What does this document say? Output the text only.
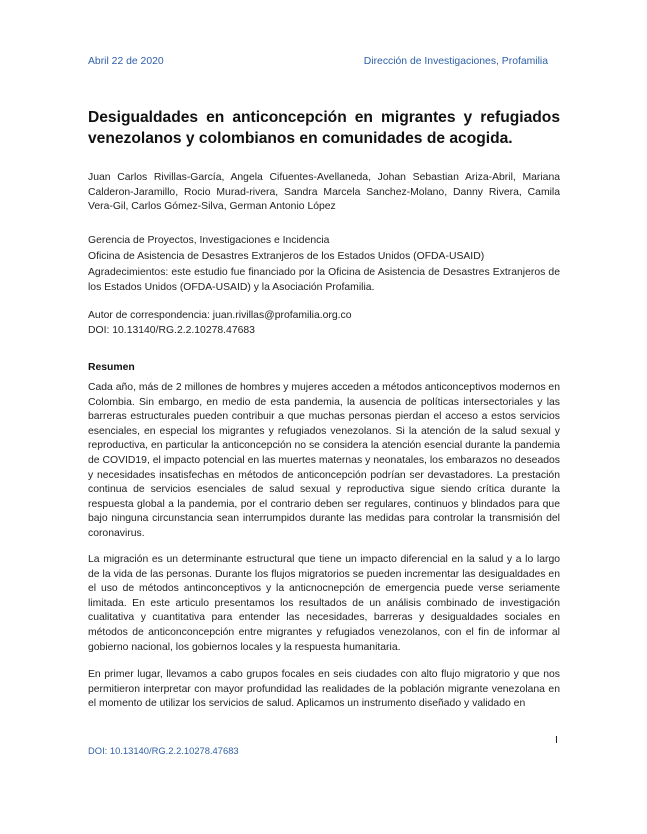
Abril 22 de 2020	Dirección de Investigaciones, Profamilia
Desigualdades en anticoncepción en migrantes y refugiados venezolanos y colombianos en comunidades de acogida.
Juan Carlos Rivillas-García, Angela Cifuentes-Avellaneda, Johan Sebastian Ariza-Abril, Mariana Calderon-Jaramillo, Rocio Murad-rivera, Sandra Marcela Sanchez-Molano, Danny Rivera, Camila Vera-Gil, Carlos Gómez-Silva, German Antonio López

Gerencia de Proyectos, Investigaciones e Incidencia

Oficina de Asistencia de Desastres Extranjeros de los Estados Unidos (OFDA-USAID)

Agradecimientos: este estudio fue financiado por la Oficina de Asistencia de Desastres Extranjeros de los Estados Unidos (OFDA-USAID) y la Asociación Profamilia.

Autor de correspondencia: juan.rivillas@profamilia.org.co

DOI: 10.13140/RG.2.2.10278.47683

Resumen
Cada año, más de 2 millones de hombres y mujeres acceden a métodos anticonceptivos modernos en Colombia. Sin embargo, en medio de esta pandemia, la ausencia de políticas intersectoriales y las barreras estructurales pueden contribuir a que muchas personas pierdan el acceso a estos servicios esenciales, en especial los migrantes y refugiados venezolanos. Si la atención de la salud sexual y reproductiva, en particular la anticoncepción no se considera la atención esencial durante la pandemia de COVID19, el impacto potencial en las muertes maternas y neonatales, los embarazos no deseados y necesidades insatisfechas en métodos de anticoncepción podrían ser devastadores. La prestación continua de servicios esenciales de salud sexual y reproductiva sigue siendo crítica durante la respuesta global a la pandemia, por el contrario deben ser regulares, continuos y blindados para que bajo ninguna circunstancia sean interrumpidos durante las medidas para controlar la transmisión del coronavirus.
La migración es un determinante estructural que tiene un impacto diferencial en la salud y a lo largo de la vida de las personas. Durante los flujos migratorios se pueden incrementar las desigualdades en el uso de métodos antinconceptivos y la anticnocnepción de emergencia puede verse seriamente limitada. En este articulo presentamos los resultados de un análisis combinado de investigación cualitativa y cuantitativa para entender las necesidades, barreras y desigualdades sociales en métodos de anticonconcepción entre migrantes y refugiados venezolanos, con el fin de informar al gobierno nacional, los gobiernos locales y la respuesta humanitaria.
En primer lugar, llevamos a cabo grupos focales en seis ciudades con alto flujo migratorio y que nos permitieron interpretar con mayor profundidad las realidades de la población migrante venezolana en el momento de utilizar los servicios de salud. Aplicamos un instrumento diseñado y validado en
I
DOI: 10.13140/RG.2.2.10278.47683
